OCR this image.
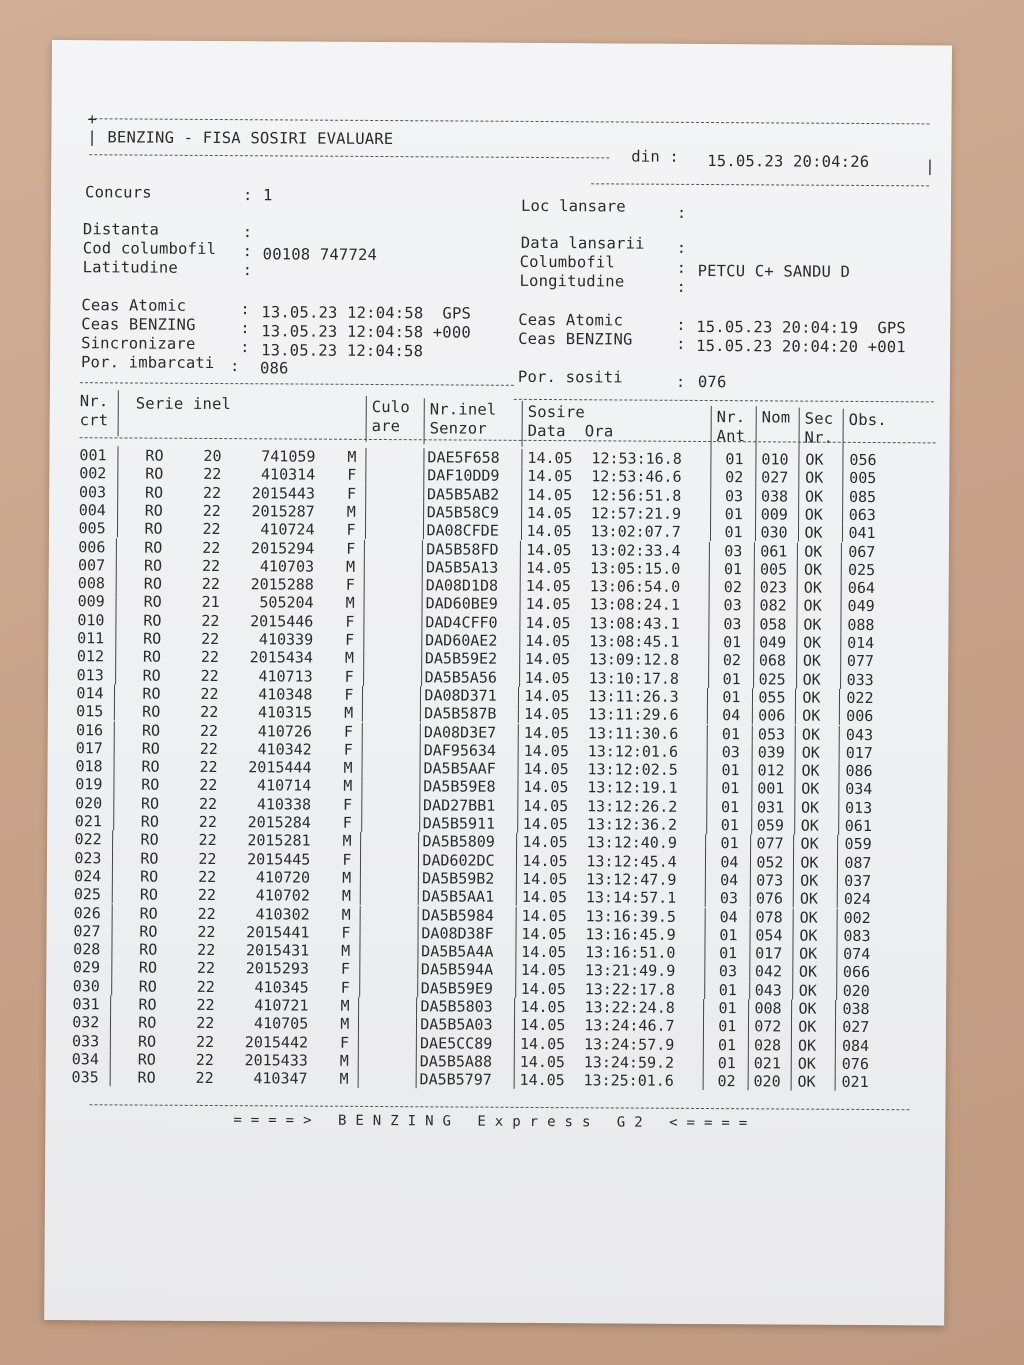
+
| BENZING - FISA SOSIRI EVALUARE
din : 15.05.23 20:04:26	|
Concurs	: 1
Distanta	:
Cod columbofil : 00108 747724
Latitudine	:
Ceas Atomic	: 13.05.23 12:04:58  GPS
Ceas BENZING	: 13.05.23 12:04:58 +000
Sincronizare	: 13.05.23 12:04:58
Por. imbarcati : 086
Loc lansare	:
Data lansarii :
Columbofil	: PETCU C+ SANDU D
Longitudine	:
Ceas Atomic	: 15.05.23 20:04:19  GPS
Ceas BENZING	: 15.05.23 20:04:20 +001
Por. sositi	: 076
Nr.
crt
Serie inel	Culo
are
Nr.inel
Senzor
Sosire
Data  Ora
Nr.
Ant
Nom Sec
Nr.
Obs.
001	RO	20	741059 M	DAE5F658 14.05 12:53:16.8	01 010 OK 056
002	RO	22	410314 F	DAF10DD9 14.05 12:53:46.6	02 027 OK 005
003	RO	22	2015443 F	DA5B5AB2 14.05 12:56:51.8	03 038 OK 085
004	RO	22	2015287 M	DA5B58C9 14.05 12:57:21.9	01 009 OK 063
005	RO	22	410724 F	DA08CFDE 14.05 13:02:07.7	01 030 OK 041
006	RO	22	2015294 F	DA5B58FD 14.05 13:02:33.4	03 061 OK 067
007	RO	22	410703 M	DA5B5A13 14.05 13:05:15.0	01 005 OK 025
008	RO	22	2015288 F	DA08D1D8 14.05 13:06:54.0	02 023 OK 064
009	RO	21	505204 M	DAD60BE9 14.05 13:08:24.1	03 082 OK 049
010	RO	22	2015446 F	DAD4CFF0 14.05 13:08:43.1	03 058 OK 088
011	RO	22	410339 F	DAD60AE2 14.05 13:08:45.1	01 049 OK 014
012	RO	22	2015434 M	DA5B59E2 14.05 13:09:12.8	02 068 OK 077
013	RO	22	410713 F	DA5B5A56 14.05 13:10:17.8	01 025 OK 033
014	RO	22	410348 F	DA08D371 14.05 13:11:26.3	01 055 OK 022
015	RO	22	410315 M	DA5B587B 14.05 13:11:29.6	04 006 OK 006
016	RO	22	410726 F	DA08D3E7 14.05 13:11:30.6	01 053 OK 043
017	RO	22	410342 F	DAF95634 14.05 13:12:01.6	03 039 OK 017
018	RO	22	2015444 M	DA5B5AAF 14.05 13:12:02.5	01 012 OK 086
019	RO	22	410714 M	DA5B59E8 14.05 13:12:19.1	01 001 OK 034
020	RO	22	410338 F	DAD27BB1 14.05 13:12:26.2	01 031 OK 013
021	RO	22	2015284 F	DA5B5911 14.05 13:12:36.2	01 059 OK 061
022	RO	22	2015281 M	DA5B5809 14.05 13:12:40.9	01 077 OK 059
023	RO	22	2015445 F	DAD602DC 14.05 13:12:45.4	04 052 OK 087
024	RO	22	410720 M	DA5B59B2 14.05 13:12:47.9	04 073 OK 037
025	RO	22	410702 M	DA5B5AA1 14.05 13:14:57.1	03 076 OK 024
026	RO	22	410302 M	DA5B5984 14.05 13:16:39.5	04 078 OK 002
027	RO	22	2015441 F	DA08D38F 14.05 13:16:45.9	01 054 OK 083
028	RO	22	2015431 M	DA5B5A4A 14.05 13:16:51.0	01 017 OK 074
029	RO	22	2015293 F	DA5B594A 14.05 13:21:49.9	03 042 OK 066
030	RO	22	410345 F	DA5B59E9 14.05 13:22:17.8	01 043 OK 020
031	RO	22	410721 M	DA5B5803 14.05 13:22:24.8	01 008 OK 038
032	RO	22	410705 M	DA5B5A03 14.05 13:24:46.7	01 072 OK 027
033	RO	22	2015442 F	DAE5CC89 14.05 13:24:57.9	01 028 OK 084
034	RO	22	2015433 M	DA5B5A88 14.05 13:24:59.2	01 021 OK 076
035	RO	22	410347 M	DA5B5797 14.05 13:25:01.6	02 020 OK 021
====> BENZING Express G2 <====
